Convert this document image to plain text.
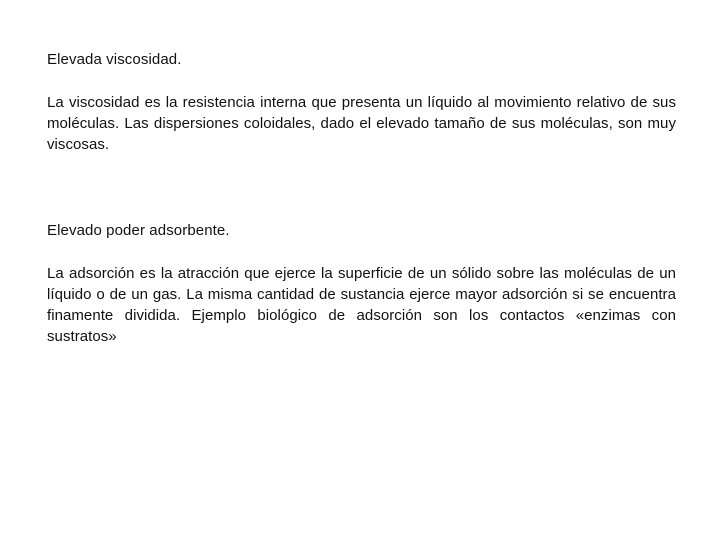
Elevada viscosidad.

La viscosidad es la resistencia interna que presenta un líquido al movimiento relativo de sus moléculas. Las dispersiones coloidales, dado el elevado tamaño de sus moléculas, son muy viscosas.

Elevado poder adsorbente.

La adsorción es la atracción que ejerce la superficie de un sólido sobre las moléculas de un líquido o de un gas. La misma cantidad de sustancia ejerce mayor adsorción si se encuentra finamente dividida. Ejemplo biológico de adsorción son los contactos «enzimas con sustratos»
